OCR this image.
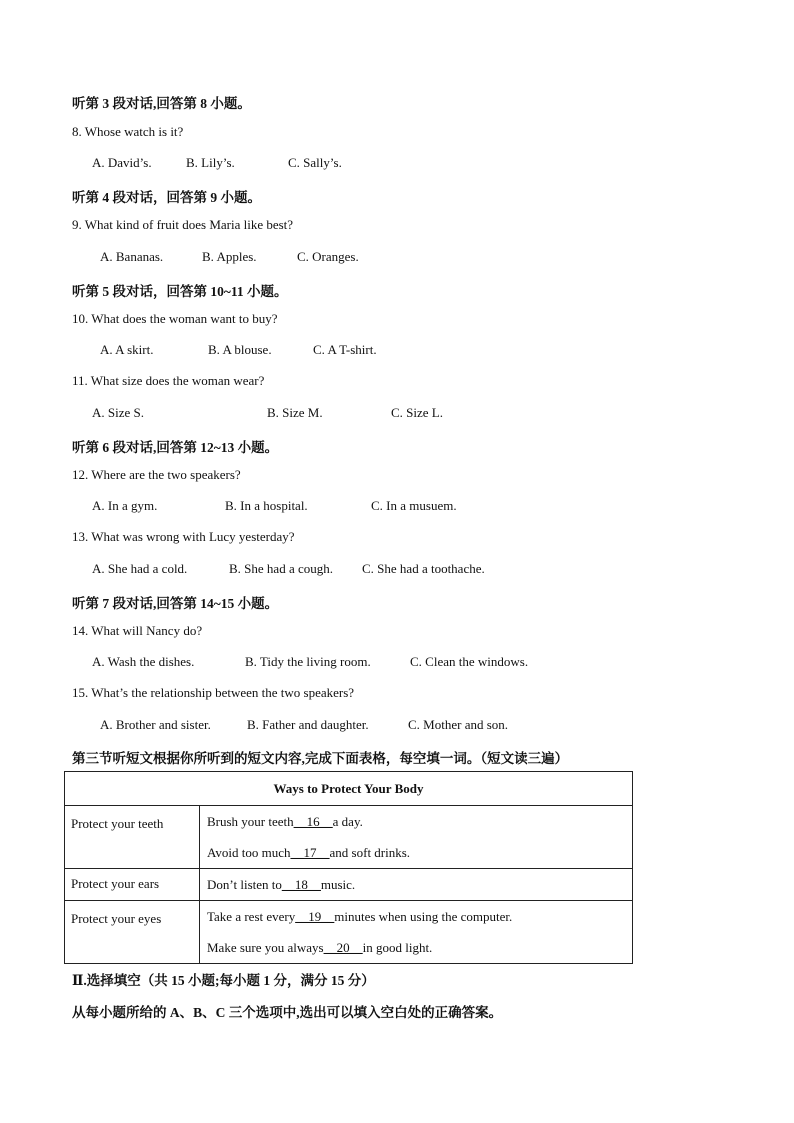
听第 3 段对话,回答第 8 小题。
8. Whose watch is it?
A. David’s.	B. Lily’s.	C. Sally’s.
听第 4 段对话，回答第 9 小题。
9. What kind of fruit does Maria like best?
A. Bananas.	B. Apples.	C. Oranges.
听第 5 段对话，回答第 10~11 小题。
10. What does the woman want to buy?
A. A skirt.	B. A blouse.	C. A T-shirt.
11. What size does the woman wear?
A. Size S.	B. Size M.	C. Size L.
听第 6 段对话,回答第 12~13 小题。
12. Where are the two speakers?
A. In a gym.	B. In a hospital.	C. In a musuem.
13. What was wrong with Lucy yesterday?
A. She had a cold.	B. She had a cough. C. She had a toothache.
听第 7 段对话,回答第 14~15 小题。
14. What will Nancy do?
A. Wash the dishes.	B. Tidy the living room.	C. Clean the windows.
15. What’s the relationship between the two speakers?
A. Brother and sister.	B. Father and daughter.	C. Mother and son.
第三节听短文根据你所听到的短文内容,完成下面表格，每空填一词。（短文读三遍）
Ways to Protect Your Body	
Protect your teeth	Brush your teeth__16__a day.
Avoid too much__17__and soft drinks.

Protect your ears	Don’t listen to__18__music.

Protect your eyes	Take a rest every__19__minutes when using the computer.
Make sure you always__20__in good light.
Ⅱ.选择填空（共 15 小题;每小题 1 分，满分 15 分）
从每小题所给的 A、B、C 三个选项中,选出可以填入空白处的正确答案。
